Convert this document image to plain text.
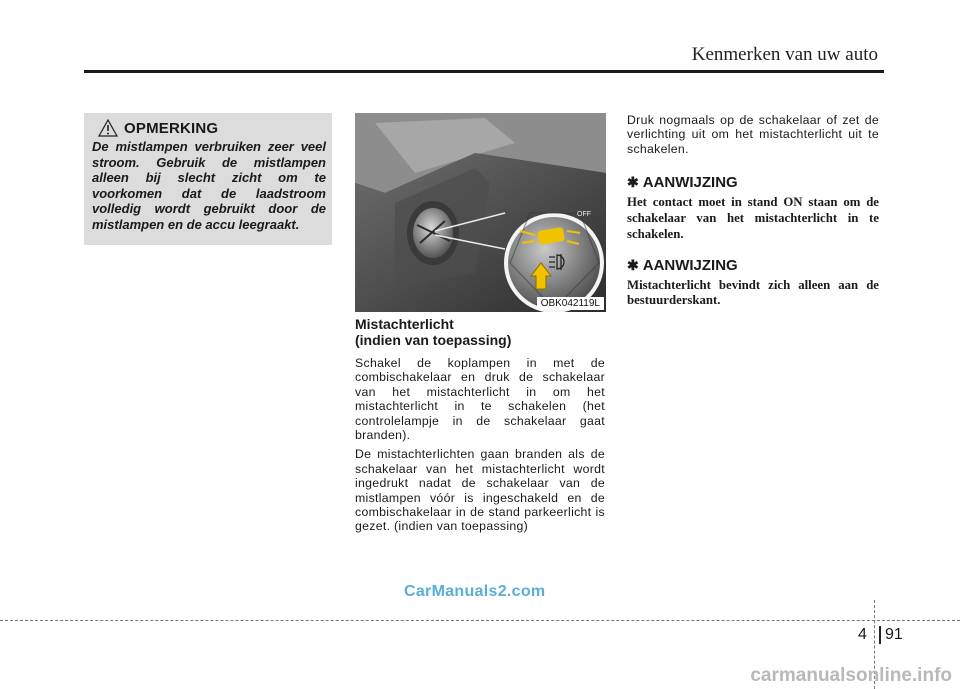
Kenmerken van uw auto
OPMERKING
De mistlampen verbruiken zeer veel stroom. Gebruik de mistlampen alleen bij slecht zicht om te voorkomen dat de laadstroom volledig wordt gebruikt door de mistlampen en de accu leegraakt.
OFF
OBK042119L
Mistachterlicht
(indien van toepassing)

Schakel de koplampen in met de combischakelaar en druk de schakelaar van het mistachterlicht in om het mistachterlicht in te schakelen (het controlelampje in de schakelaar gaat branden).

De mistachterlichten gaan branden als de schakelaar van het mistachterlicht wordt ingedrukt nadat de schakelaar van de mistlampen vóór is ingeschakeld en de combischakelaar in de stand parkeerlicht is gezet. (indien van toepassing)

Druk nogmaals op de schakelaar of zet de verlichting uit om het mistachterlicht uit te schakelen.

✱ AANWIJZING

Het contact moet in stand ON staan om de schakelaar van het mistachterlicht in te schakelen.

✱ AANWIJZING

Mistachterlicht bevindt zich alleen aan de bestuurderskant.

CarManuals2.com
4 91
carmanualsonline.info
